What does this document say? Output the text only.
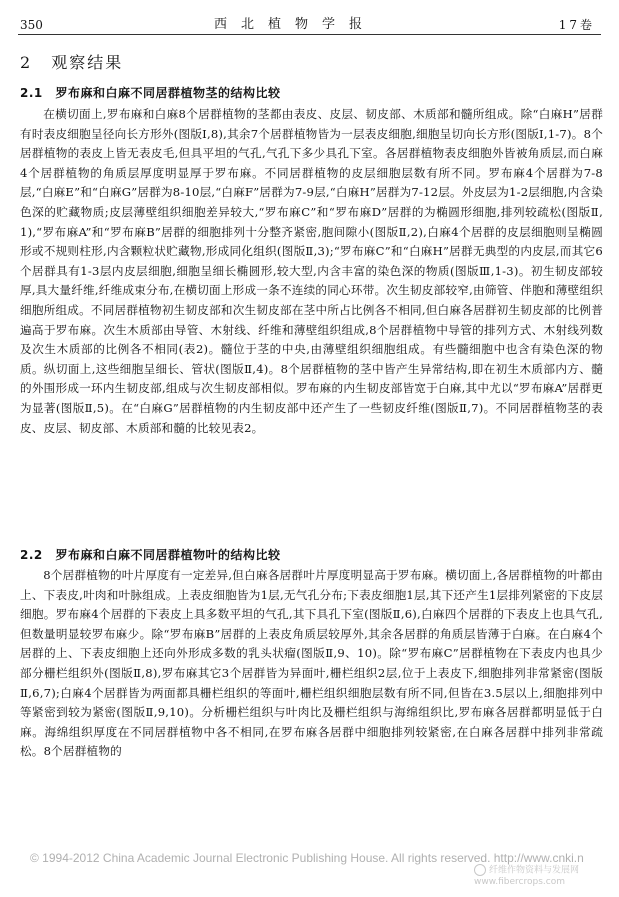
350	西北植物学报	17卷
2 观察结果
2.1 罗布麻和白麻不同居群植物茎的结构比较

在横切面上,罗布麻和白麻8个居群植物的茎都由表皮、皮层、韧皮部、木质部和髓所组成。除“白麻H”居群有时表皮细胞呈径向长方形外(图版Ⅰ,8),其余7个居群植物皆为一层表皮细胞,细胞呈切向长方形(图版Ⅰ,1-7)。8个居群植物的表皮上皆无表皮毛,但具平坦的气孔,气孔下多少具孔下室。各居群植物表皮细胞外皆被角质层,而白麻4个居群植物的角质层厚度明显厚于罗布麻。不同居群植物的皮层细胞层数有所不同。罗布麻4个居群为7-8层,“白麻E”和“白麻G”居群为8-10层,“白麻F”居群为7-9层,“白麻H”居群为7-12层。外皮层为1-2层细胞,内含染色深的贮藏物质;皮层薄壁组织细胞差异较大,“罗布麻C”和“罗布麻D”居群的为椭圆形细胞,排列较疏松(图版Ⅱ,1),“罗布麻A”和“罗布麻B”居群的细胞排列十分整齐紧密,胞间隙小(图版Ⅱ,2),白麻4个居群的皮层细胞则呈椭圆形或不规则柱形,内含颗粒状贮藏物,形成同化组织(图版Ⅱ,3);“罗布麻C”和“白麻H”居群无典型的内皮层,而其它6个居群具有1-3层内皮层细胞,细胞呈细长椭圆形,较大型,内含丰富的染色深的物质(图版Ⅲ,1-3)。初生韧皮部较厚,具大量纤维,纤维成束分布,在横切面上形成一条不连续的同心环带。次生韧皮部较窄,由筛管、伴胞和薄壁组织细胞所组成。不同居群植物初生韧皮部和次生韧皮部在茎中所占比例各不相同,但白麻各居群初生韧皮部的比例普遍高于罗布麻。次生木质部由导管、木射线、纤维和薄壁组织组成,8个居群植物中导管的排列方式、木射线列数及次生木质部的比例各不相同(表2)。髓位于茎的中央,由薄壁组织细胞组成。有些髓细胞中也含有染色深的物质。纵切面上,这些细胞呈细长、管状(图版Ⅱ,4)。8个居群植物的茎中皆产生异常结构,即在初生木质部内方、髓的外围形成一环内生韧皮部,组成与次生韧皮部相似。罗布麻的内生韧皮部皆宽于白麻,其中尤以“罗布麻A”居群更为显著(图版Ⅱ,5)。在“白麻G”居群植物的内生韧皮部中还产生了一些韧皮纤维(图版Ⅱ,7)。不同居群植物茎的表皮、皮层、韧皮部、木质部和髓的比较见表2。

2.2 罗布麻和白麻不同居群植物叶的结构比较

8个居群植物的叶片厚度有一定差异,但白麻各居群叶片厚度明显高于罗布麻。横切面上,各居群植物的叶都由上、下表皮,叶肉和叶脉组成。上表皮细胞皆为1层,无气孔分布;下表皮细胞1层,其下还产生1层排列紧密的下皮层细胞。罗布麻4个居群的下表皮上具多数平坦的气孔,其下具孔下室(图版Ⅱ,6),白麻四个居群的下表皮上也具气孔,但数量明显较罗布麻少。除“罗布麻B”居群的上表皮角质层较厚外,其余各居群的角质层皆薄于白麻。在白麻4个居群的上、下表皮细胞上还向外形成多数的乳头状瘤(图版Ⅱ,9、10)。除“罗布麻C”居群植物在下表皮内也具少部分栅栏组织外(图版Ⅱ,8),罗布麻其它3个居群皆为异面叶,栅栏组织2层,位于上表皮下,细胞排列非常紧密(图版Ⅱ,6,7);白麻4个居群皆为两面都具栅栏组织的等面叶,栅栏组织细胞层数有所不同,但皆在3.5层以上,细胞排列中等紧密到较为紧密(图版Ⅱ,9,10)。分析栅栏组织与叶肉比及栅栏组织与海绵组织比,罗布麻各居群都明显低于白麻。海绵组织厚度在不同居群植物中各不相同,在罗布麻各居群中细胞排列较紧密,在白麻各居群中排列非常疏松。8个居群植物的

© 1994-2012 China Academic Journal Electronic Publishing House. All rights reserved. http://www.cnki.n
纤维作物资料与发展网
www.fibercrops.com
